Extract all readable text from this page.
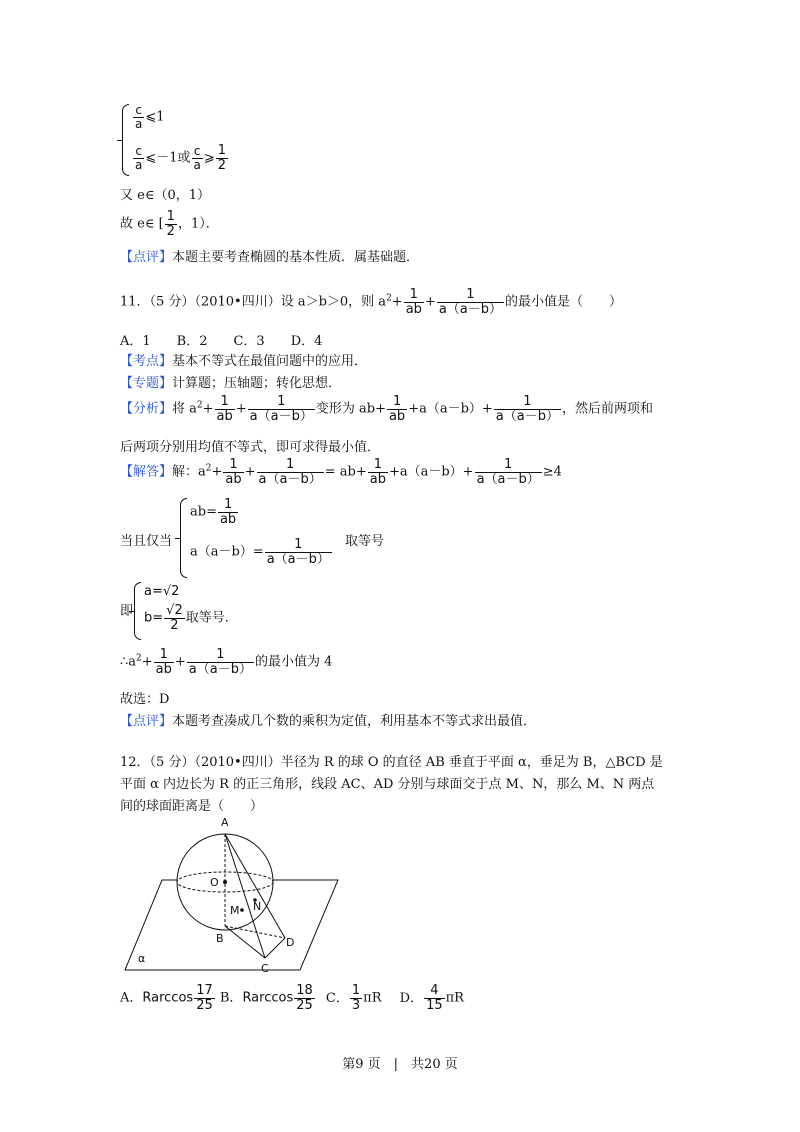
$\frac{c}{a}$ ⩽1
$\frac{c}{a}$ ⩽－1或 $\frac{c}{a}$ ⩾ $\frac{1}{2}$
又 e∈（0，1）
故 e∈ [ $\frac{1}{2}$ ，1）．
【点评】本题主要考查椭圆的基本性质．属基础题．
11．（5 分）（2010•四川）设 a＞b＞0，则 $a^2+ \frac{1}{ab} + \frac{1}{a(a-b)}$ 的最小值是（　　）
A．1　　B．2　　C．3　　D．4
【考点】基本不等式在最值问题中的应用．
【专题】计算题；压轴题；转化思想．
【分析】将 $a^2+ \frac{1}{ab} + \frac{1}{a(a-b)}$ 变形为 $ab+ \frac{1}{ab} +a(a-b)+ \frac{1}{a(a-b)}$ ，然后前两项和
后两项分别用均值不等式，即可求得最小值．
【解答】解：$a^2+ \frac{1}{ab} + \frac{1}{a(a-b)} = ab+ \frac{1}{ab} +a(a-b)+ \frac{1}{a(a-b)} \ge 4$
当且仅当
$ab= \frac{1}{ab}$
$a(a-b)= \frac{1}{a(a-b)}$ 取等号
即
a=√2
$b= \frac{√2}{2}$ 取等号．
$\therefore a^2+ \frac{1}{ab} + \frac{1}{a(a-b)}$ 的最小值为 4
故选：D
【点评】本题考查凑成几个数的乘积为定值，利用基本不等式求出最值．
12．（5 分）（2010•四川）半径为 R 的球 O 的直径 AB 垂直于平面 α，垂足为 B，△BCD 是
平面 α 内边长为 R 的正三角形，线段 AC、AD 分别与球面交于点 M、N，那么 M、N 两点
间的球面距离是（　　）
A
O
M N
B
C
D
α
A．Rarccos $\frac{17}{25}$ B．Rarccos $\frac{18}{25}$ C． $\frac{1}{3}$ πR D． $\frac{4}{15}$ πR
第9 页　|　共20 页
